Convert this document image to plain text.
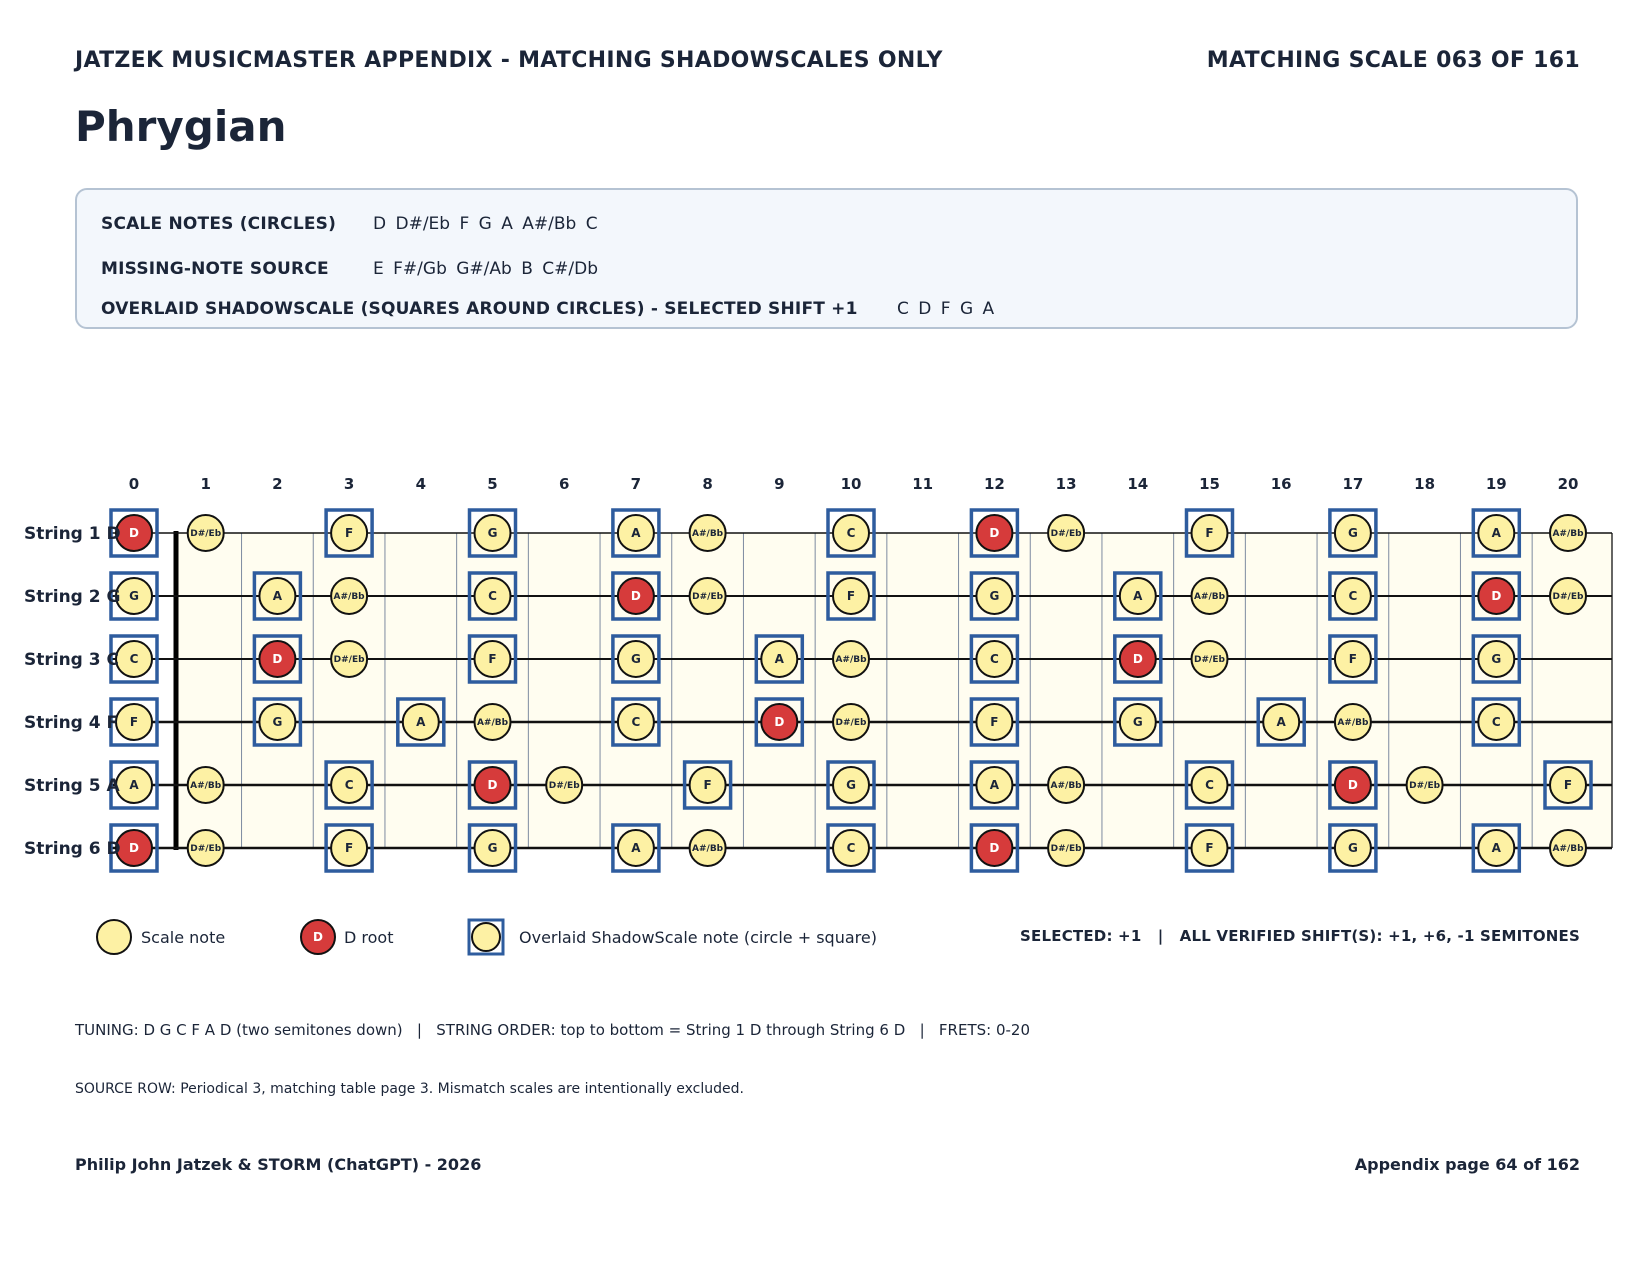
JATZEK MUSICMASTER APPENDIX - MATCHING SHADOWSCALES ONLY	MATCHING SCALE 063 OF 161
Phrygian
SCALE NOTES (CIRCLES) D D#/Eb F G A A#/Bb C
MISSING-NOTE SOURCE	E F#/Gb G#/Ab B C#/Db
OVERLAID SHADOWSCALE (SQUARES AROUND CIRCLES) - SELECTED SHIFT +1 C D F G A
0	1	2	3	4	5	6	7	8	9	10	11	12	13	14	15	16	17	18	19	20
D	D#/Eb	F	G	A	A#/Bb	C	D	D#/Eb	F	G	A	A#/Bb
String 1 D
G	A	A#/Bb	C	D	D#/Eb	F	G	A	A#/Bb	C	D	D#/Eb
String 2 G
C	D	D#/Eb	F	G	A	A#/Bb	C	D	D#/Eb	F	G
String 3 C
F	G	A	A#/Bb	C	D	D#/Eb	F	G	A	A#/Bb	C
String 4 F
A	A#/Bb	C	D	D#/Eb	F	G	A	A#/Bb	C	D	D#/Eb	F
String 5 A
D	D#/Eb	F	G	A	A#/Bb	C	D	D#/Eb	F	G	A	A#/Bb
String 6 D
Scale note	D D root	Overlaid ShadowScale note (circle + square)	SELECTED: +1   |   ALL VERIFIED SHIFT(S): +1, +6, -1 SEMITONES
TUNING: D G C F A D (two semitones down)   |   STRING ORDER: top to bottom = String 1 D through String 6 D   |   FRETS: 0-20
SOURCE ROW: Periodical 3, matching table page 3. Mismatch scales are intentionally excluded.
Philip John Jatzek & STORM (ChatGPT) - 2026	Appendix page 64 of 162
